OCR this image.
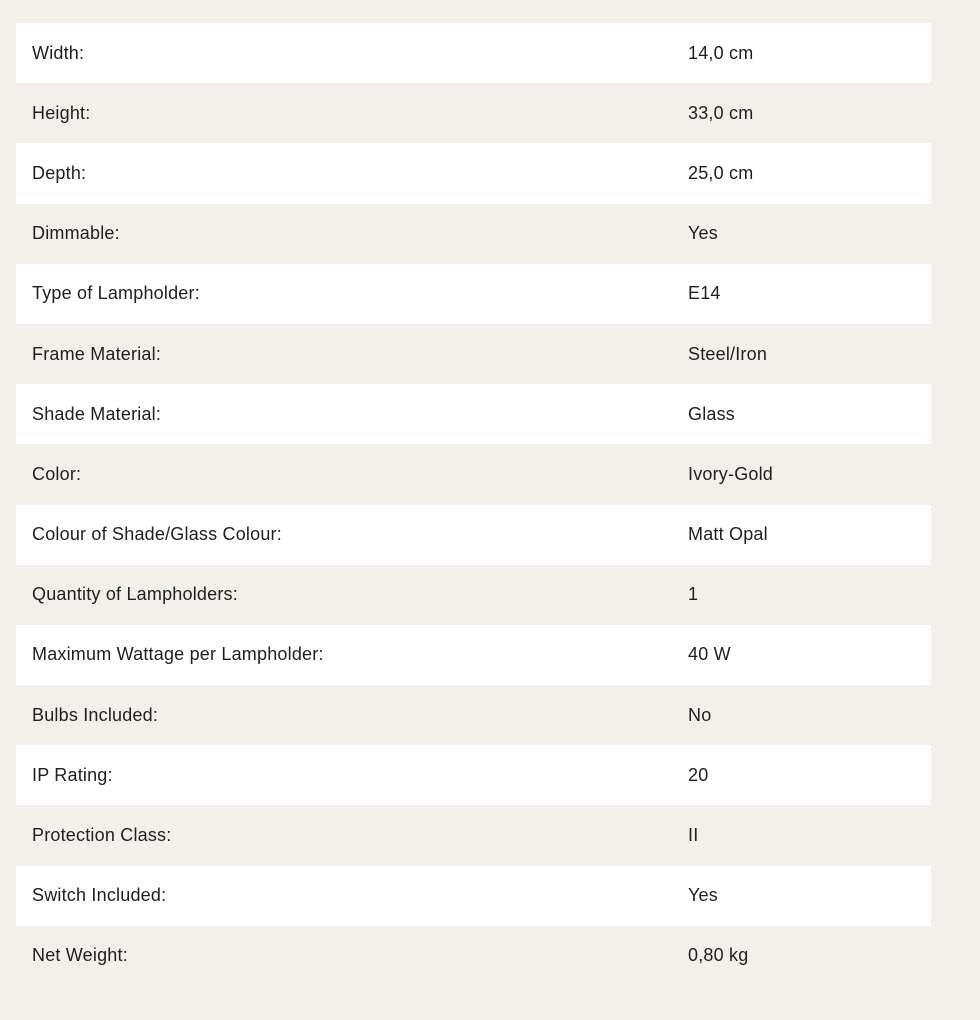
Width:	14,0 cm
Height:	33,0 cm
Depth:	25,0 cm
Dimmable:	Yes
Type of Lampholder:	E14
Frame Material:	Steel/Iron
Shade Material:	Glass
Color:	Ivory-Gold
Colour of Shade/Glass Colour:	Matt Opal
Quantity of Lampholders:	1
Maximum Wattage per Lampholder:	40 W
Bulbs Included:	No
IP Rating:	20
Protection Class:	II
Switch Included:	Yes
Net Weight:	0,80 kg
